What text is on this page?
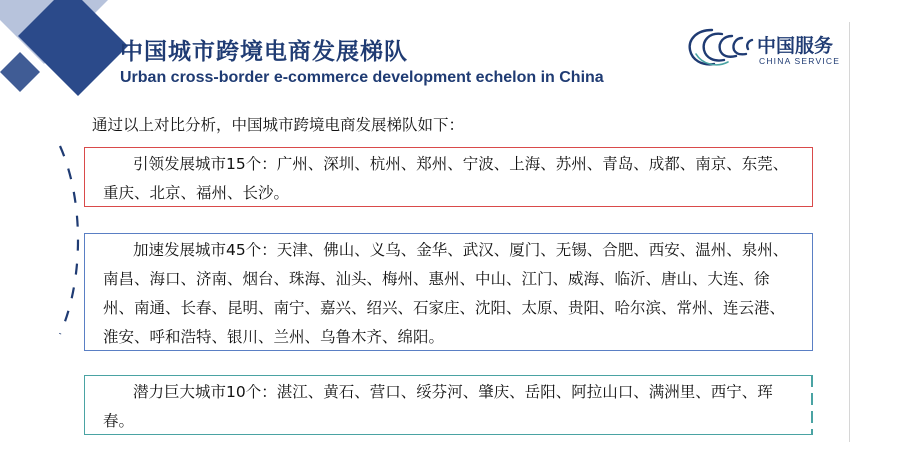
中国城市跨境电商发展梯队
Urban cross-border e-commerce development echelon in China
中国服务
CHINA SERVICE
通过以上对比分析，中国城市跨境电商发展梯队如下：
引领发展城市15个：广州、深圳、杭州、郑州、宁波、上海、苏州、青岛、成都、南京、东莞、重庆、北京、福州、长沙。
加速发展城市45个：天津、佛山、义乌、金华、武汉、厦门、无锡、合肥、西安、温州、泉州、南昌、海口、济南、烟台、珠海、汕头、梅州、惠州、中山、江门、威海、临沂、唐山、大连、徐州、南通、长春、昆明、南宁、嘉兴、绍兴、石家庄、沈阳、太原、贵阳、哈尔滨、常州、连云港、淮安、呼和浩特、银川、兰州、乌鲁木齐、绵阳。
潜力巨大城市10个：湛江、黄石、营口、绥芬河、肇庆、岳阳、阿拉山口、满洲里、西宁、珲春。
